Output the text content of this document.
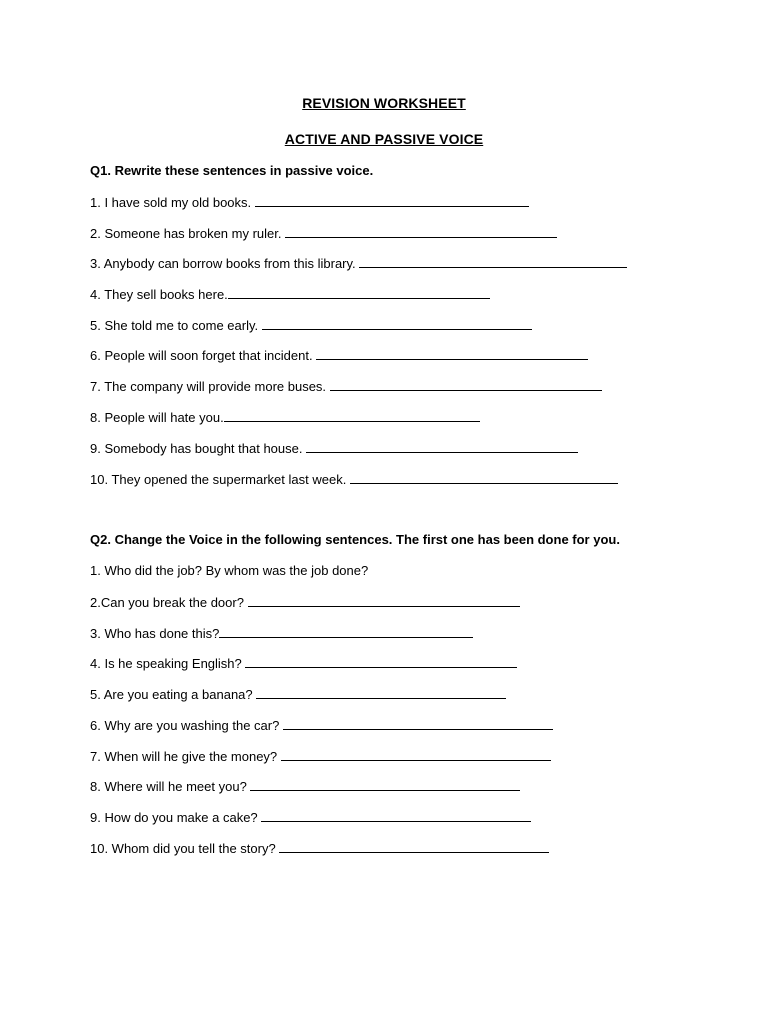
REVISION WORKSHEET
ACTIVE AND PASSIVE VOICE
Q1. Rewrite these sentences in passive voice.
1. I have sold my old books.
2. Someone has broken my ruler.
3. Anybody can borrow books from this library.
4. They sell books here.
5. She told me to come early.
6. People will soon forget that incident.
7. The company will provide more buses.
8. People will hate you.
9. Somebody has bought that house.
10. They opened the supermarket last week.
Q2. Change the Voice in the following sentences. The first one has been done for you.
1. Who did the job? By whom was the job done?
2.Can you break the door?
3. Who has done this?
4. Is he speaking English?
5. Are you eating a banana?
6. Why are you washing the car?
7. When will he give the money?
8. Where will he meet you?
9. How do you make a cake?
10. Whom did you tell the story?
